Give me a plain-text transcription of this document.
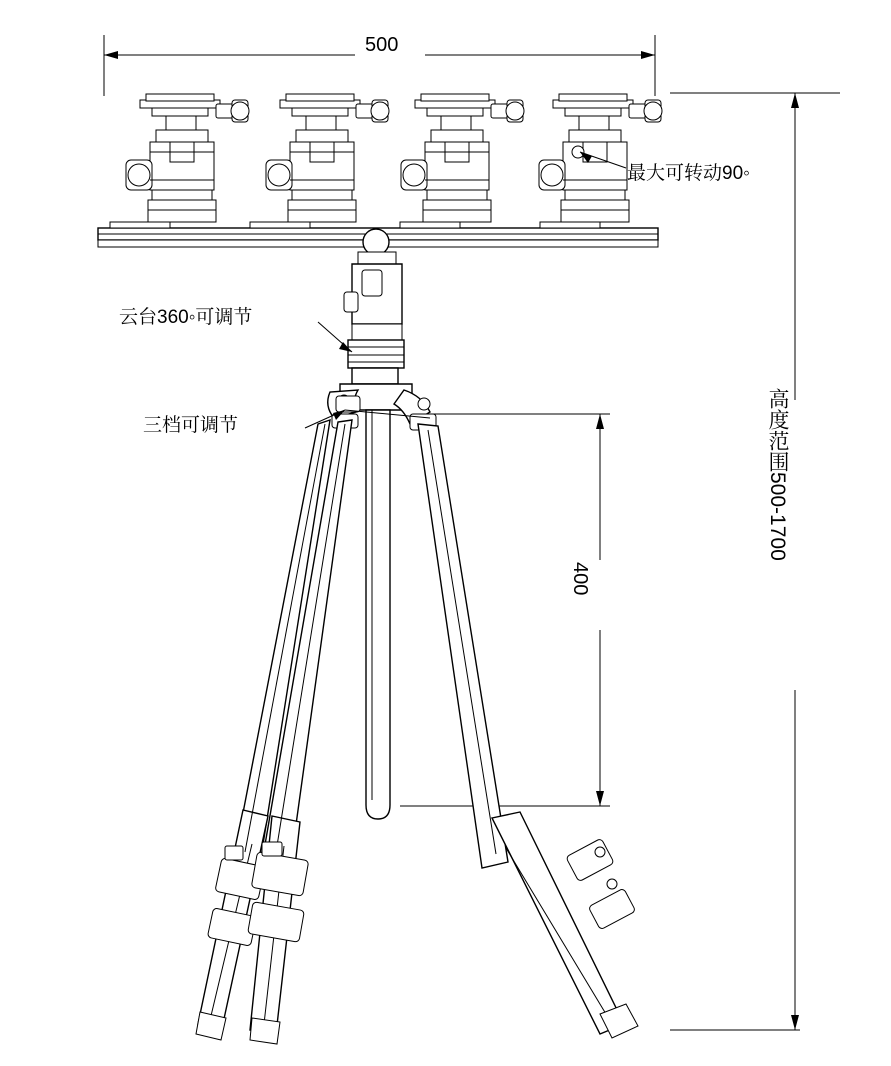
500
最大可转动90◦
云台360◦可调节
三档可调节
400
高度范围500-1700
